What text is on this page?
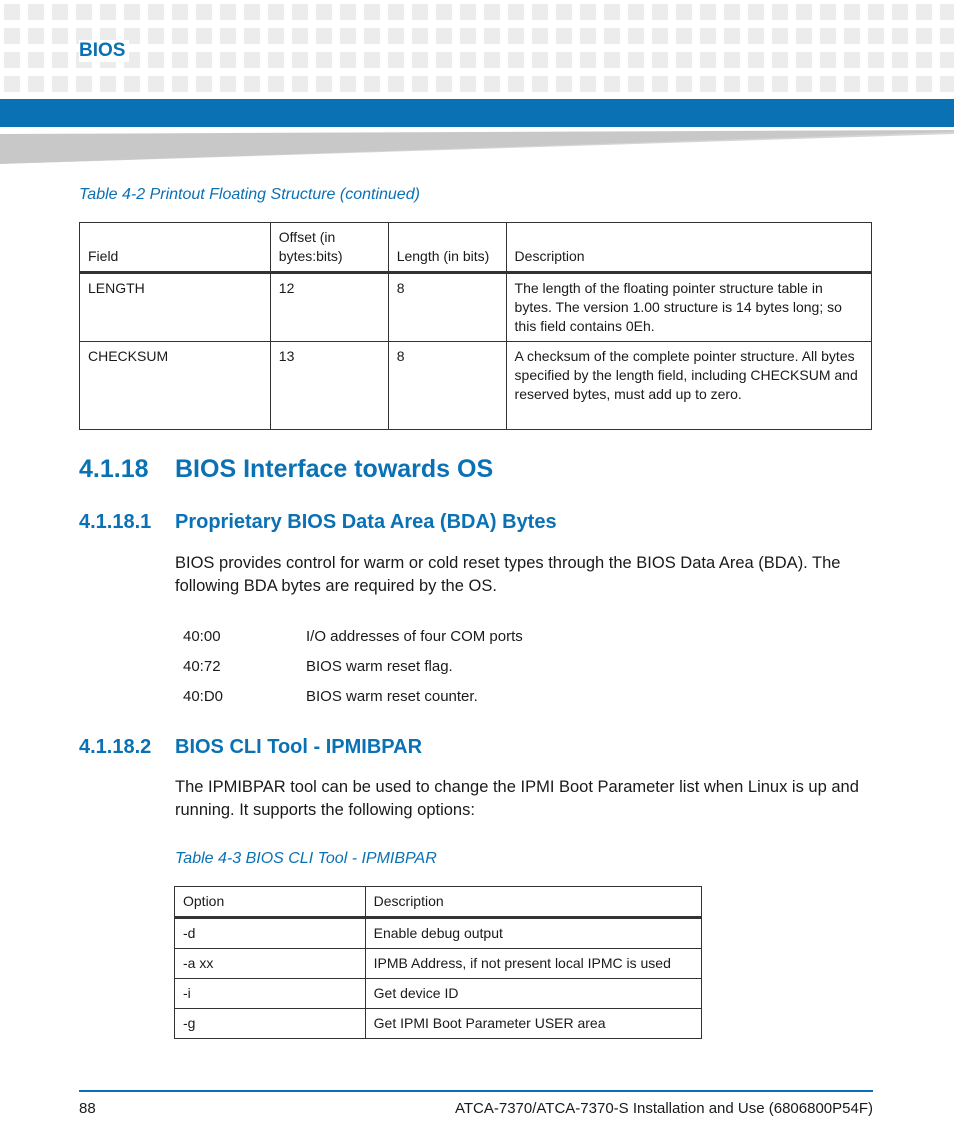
BIOS

Table 4-2 Printout Floating Structure (continued)

Field	Offset (in bytes:bits)	Length (in bits)	Description
LENGTH	12	8	The length of the floating pointer structure table in bytes. The version 1.00 structure is 14 bytes long; so this field contains 0Eh.
CHECKSUM	13	8	A checksum of the complete pointer structure. All bytes specified by the length field, including CHECKSUM and reserved bytes, must add up to zero.
4.1.18 BIOS Interface towards OS
4.1.18.1 Proprietary BIOS Data Area (BDA) Bytes

BIOS provides control for warm or cold reset types through the BIOS Data Area (BDA). The following BDA bytes are required by the OS.

40:00	I/O addresses of four COM ports
40:72	BIOS warm reset flag.
40:D0	BIOS warm reset counter.
4.1.18.2 BIOS CLI Tool - IPMIBPAR

The IPMIBPAR tool can be used to change the IPMI Boot Parameter list when Linux is up and running. It supports the following options:

Table 4-3 BIOS CLI Tool - IPMIBPAR

Option	Description
-d	Enable debug output
-a xx	IPMB Address, if not present local IPMC is used
-i	Get device ID
-g	Get IPMI Boot Parameter USER area

88	ATCA-7370/ATCA-7370-S Installation and Use (6806800P54F)
